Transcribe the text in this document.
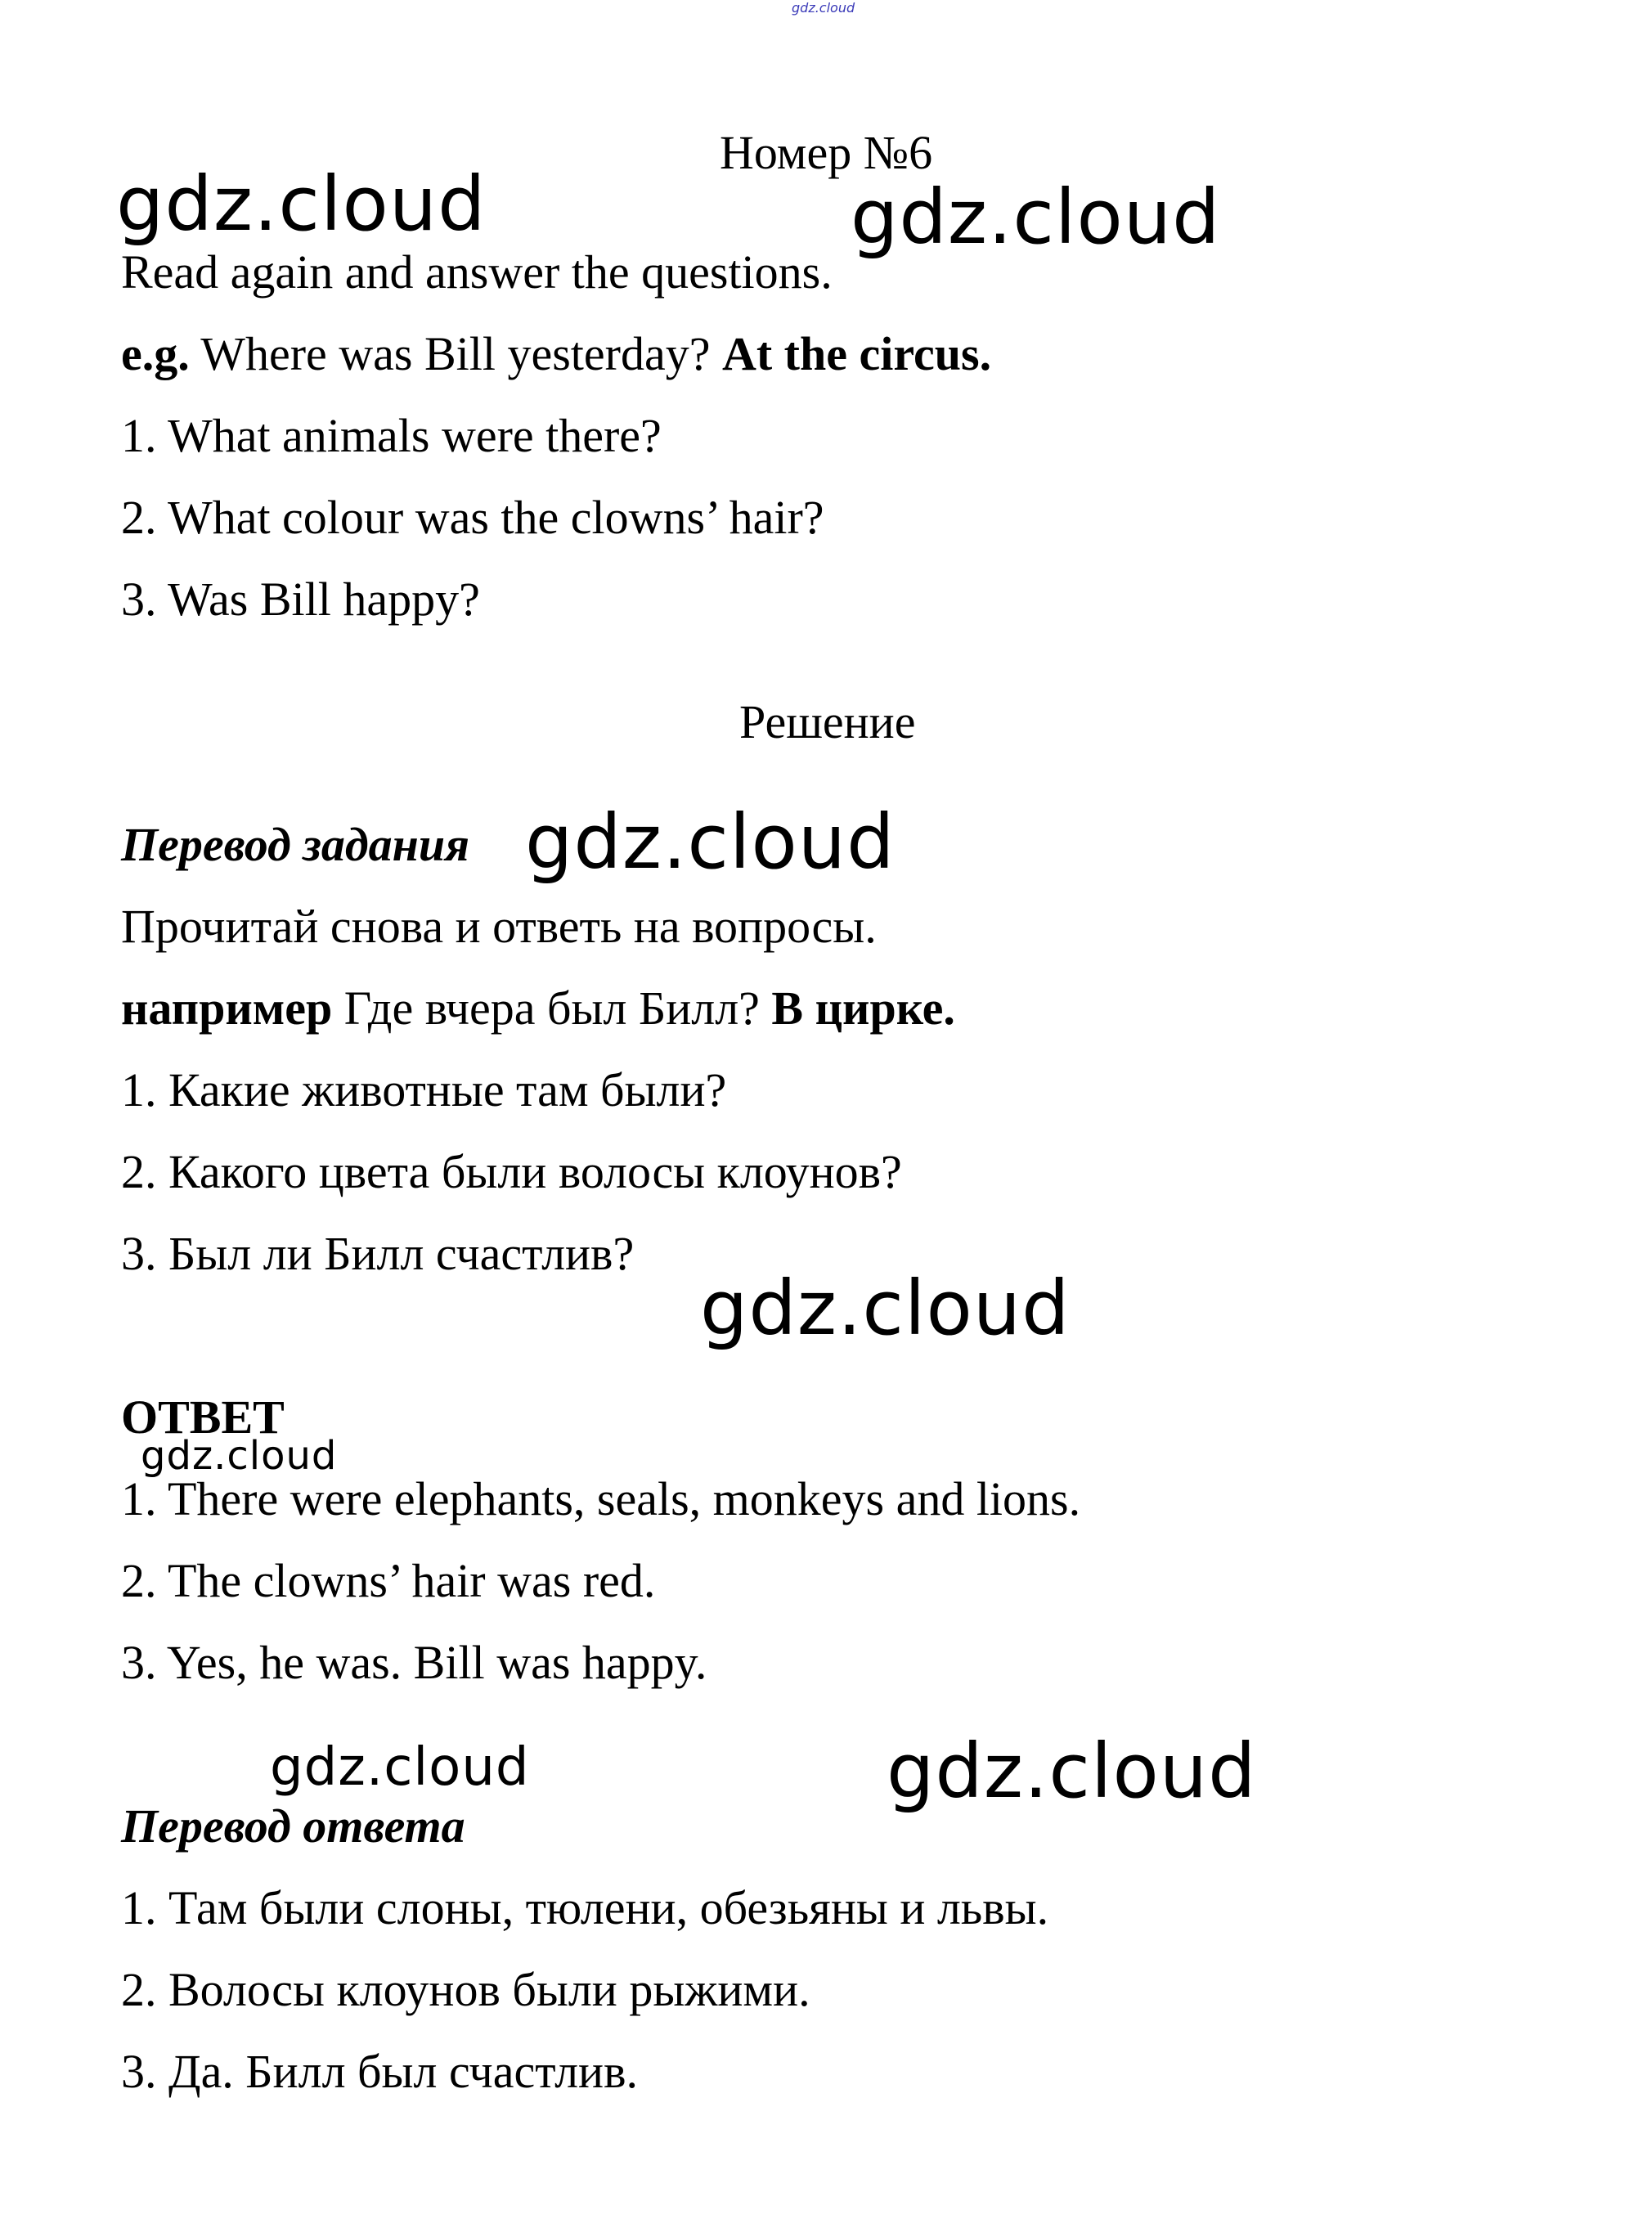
gdz.cloud
Номер №6
gdz.cloud	gdz.cloud
Read again and answer the questions.
e.g. Where was Bill yesterday? At the circus.
1. What animals were there?
2. What colour was the clowns’ hair?
3. Was Bill happy?
Решение
Перевод задания gdz.cloud
Прочитай снова и ответь на вопросы.
например Где вчера был Билл? В цирке.
1. Какие животные там были?
2. Какого цвета были волосы клоунов?
3. Был ли Билл счастлив?
gdz.cloud
ОТВЕТ
gdz.cloud
1. There were elephants, seals, monkeys and lions.
2. The clowns’ hair was red.
3. Yes, he was. Bill was happy.
gdz.cloud	gdz.cloud
Перевод ответа
1. Там были слоны, тюлени, обезьяны и львы.
2. Волосы клоунов были рыжими.
3. Да. Билл был счастлив.
